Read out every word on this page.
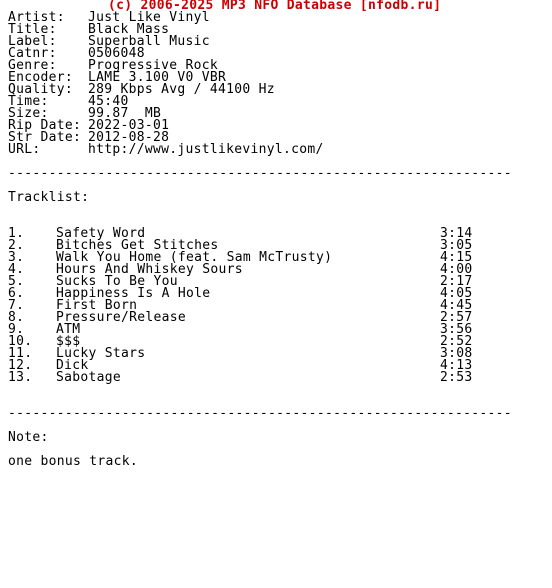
(c) 2006-2025 MP3 NFO Database [nfodb.ru]
Artist:	Just Like Vinyl
Title:	Black Mass
Label:	Superball Music
Catnr:	0506048
Genre:	Progressive Rock
Encoder:	LAME 3.100 V0 VBR
Quality:	289 Kbps Avg / 44100 Hz
Time:	45:40
Size:	99.87  MB
Rip Date: 2022-03-01
Str Date: 2012-08-28
URL:	http://www.justlikevinyl.com/
--------------------------------------------------------------
Tracklist:
1.	Safety Word	3:14
2.	Bitches Get Stitches	3:05
3.	Walk You Home (feat. Sam McTrusty)	4:15
4.	Hours And Whiskey Sours	4:00
5.	Sucks To Be You	2:17
6.	Happiness Is A Hole	4:05
7.	First Born	4:45
8.	Pressure/Release	2:57
9.	ATM	3:56
10.	$$$	2:52
11.	Lucky Stars	3:08
12.	Dick	4:13
13.	Sabotage	2:53
--------------------------------------------------------------
Note:
one bonus track.
